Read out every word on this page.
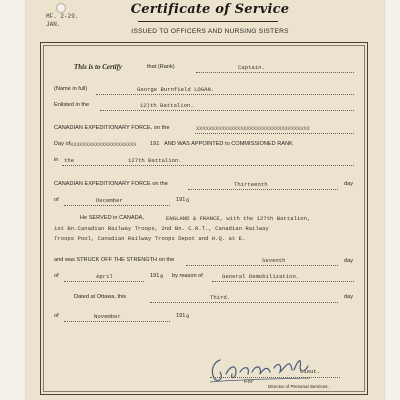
MF. 2-29.
JAN.
Certificate of Service
ISSUED TO OFFICERS AND NURSING SISTERS
This is to Certify	that (Rank)	Captain.
(Name in full)	George Burnfield LOGAN.
Enlisted in the	12)th Battalion.
CANADIAN EXPEDITIONARY FORCE, on the	XXXXXXXXXXXXXXXXXXXXXXXXXXXXXXXXXXXX
Day of XXXXXXXXXXXXXXXXXXXXX 191 AND WAS APPOINTED to COMMISSIONED RANK
in the	127th Battalion.
CANADIAN EXPEDITIONARY FORCE on the	Thirteenth	day
of	December	191 6
He SERVED in CANADA,	ENGLAND & FRANCE, with the 127th Battalion,
1st Bn.Canadian Railway Troops, 2nd Bn. C.R.T., Canadian Railway
Troops Pool, Canadian Railway Troops Depot and H.Q. at E.
and was STRUCK OFF THE STRENGTH on the	Seventh	day
of	April	191 9 by reason of	General Demobilization.
Dated at Ottawa, this	Third.	day
of	November	191 9
Lieut.
For
Director of Personal Services.
